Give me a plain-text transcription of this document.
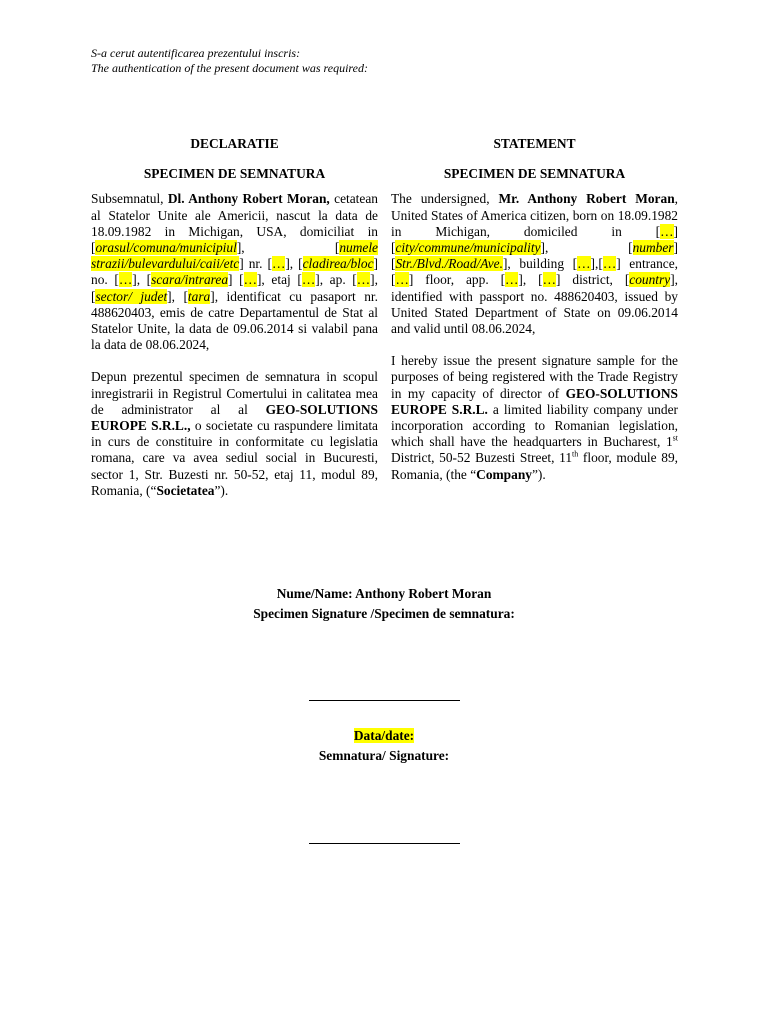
S-a cerut autentificarea prezentului inscris:
The authentication of the present document was required:

DECLARATIE

SPECIMEN DE SEMNATURA

Subsemnatul, Dl. Anthony Robert Moran, cetatean al Statelor Unite ale Americii, nascut la data de 18.09.1982 in Michigan, USA, domiciliat in [orasul/comuna/municipiul], [numele strazii/bulevardului/caii/etc] nr. […], [cladirea/bloc] no. […], [scara/intrarea] […], etaj […], ap. […], [sector/ judet], [tara], identificat cu pasaport nr. 488620403, emis de catre Departamentul de Stat al Statelor Unite, la data de 09.06.2014 si valabil pana la data de 08.06.2024,

Depun prezentul specimen de semnatura in scopul inregistrarii in Registrul Comertului in calitatea mea de administrator al al GEO-SOLUTIONS EUROPE S.R.L., o societate cu raspundere limitata in curs de constituire in conformitate cu legislatia romana, care va avea sediul social in Bucuresti, sector 1, Str. Buzesti nr. 50-52, etaj 11, modul 89, Romania, (“Societatea”).

STATEMENT

SPECIMEN DE SEMNATURA

The undersigned, Mr. Anthony Robert Moran, United States of America citizen, born on 18.09.1982 in Michigan, domiciled in […] [city/commune/municipality], [number] [Str./Blvd./Road/Ave.], building […],[…] entrance, […] floor, app. […], […] district, [country], identified with passport no. 488620403, issued by United Stated Department of State on 09.06.2014 and valid until 08.06.2024,

I hereby issue the present signature sample for the purposes of being registered with the Trade Registry in my capacity of director of GEO-SOLUTIONS EUROPE S.R.L. a limited liability company under incorporation according to Romanian legislation, which shall have the headquarters in Bucharest, 1st District, 50-52 Buzesti Street, 11th floor, module 89, Romania, (the “Company”).

Nume/Name: Anthony Robert Moran
Specimen Signature /Specimen de semnatura:
Data/date:
Semnatura/ Signature:
